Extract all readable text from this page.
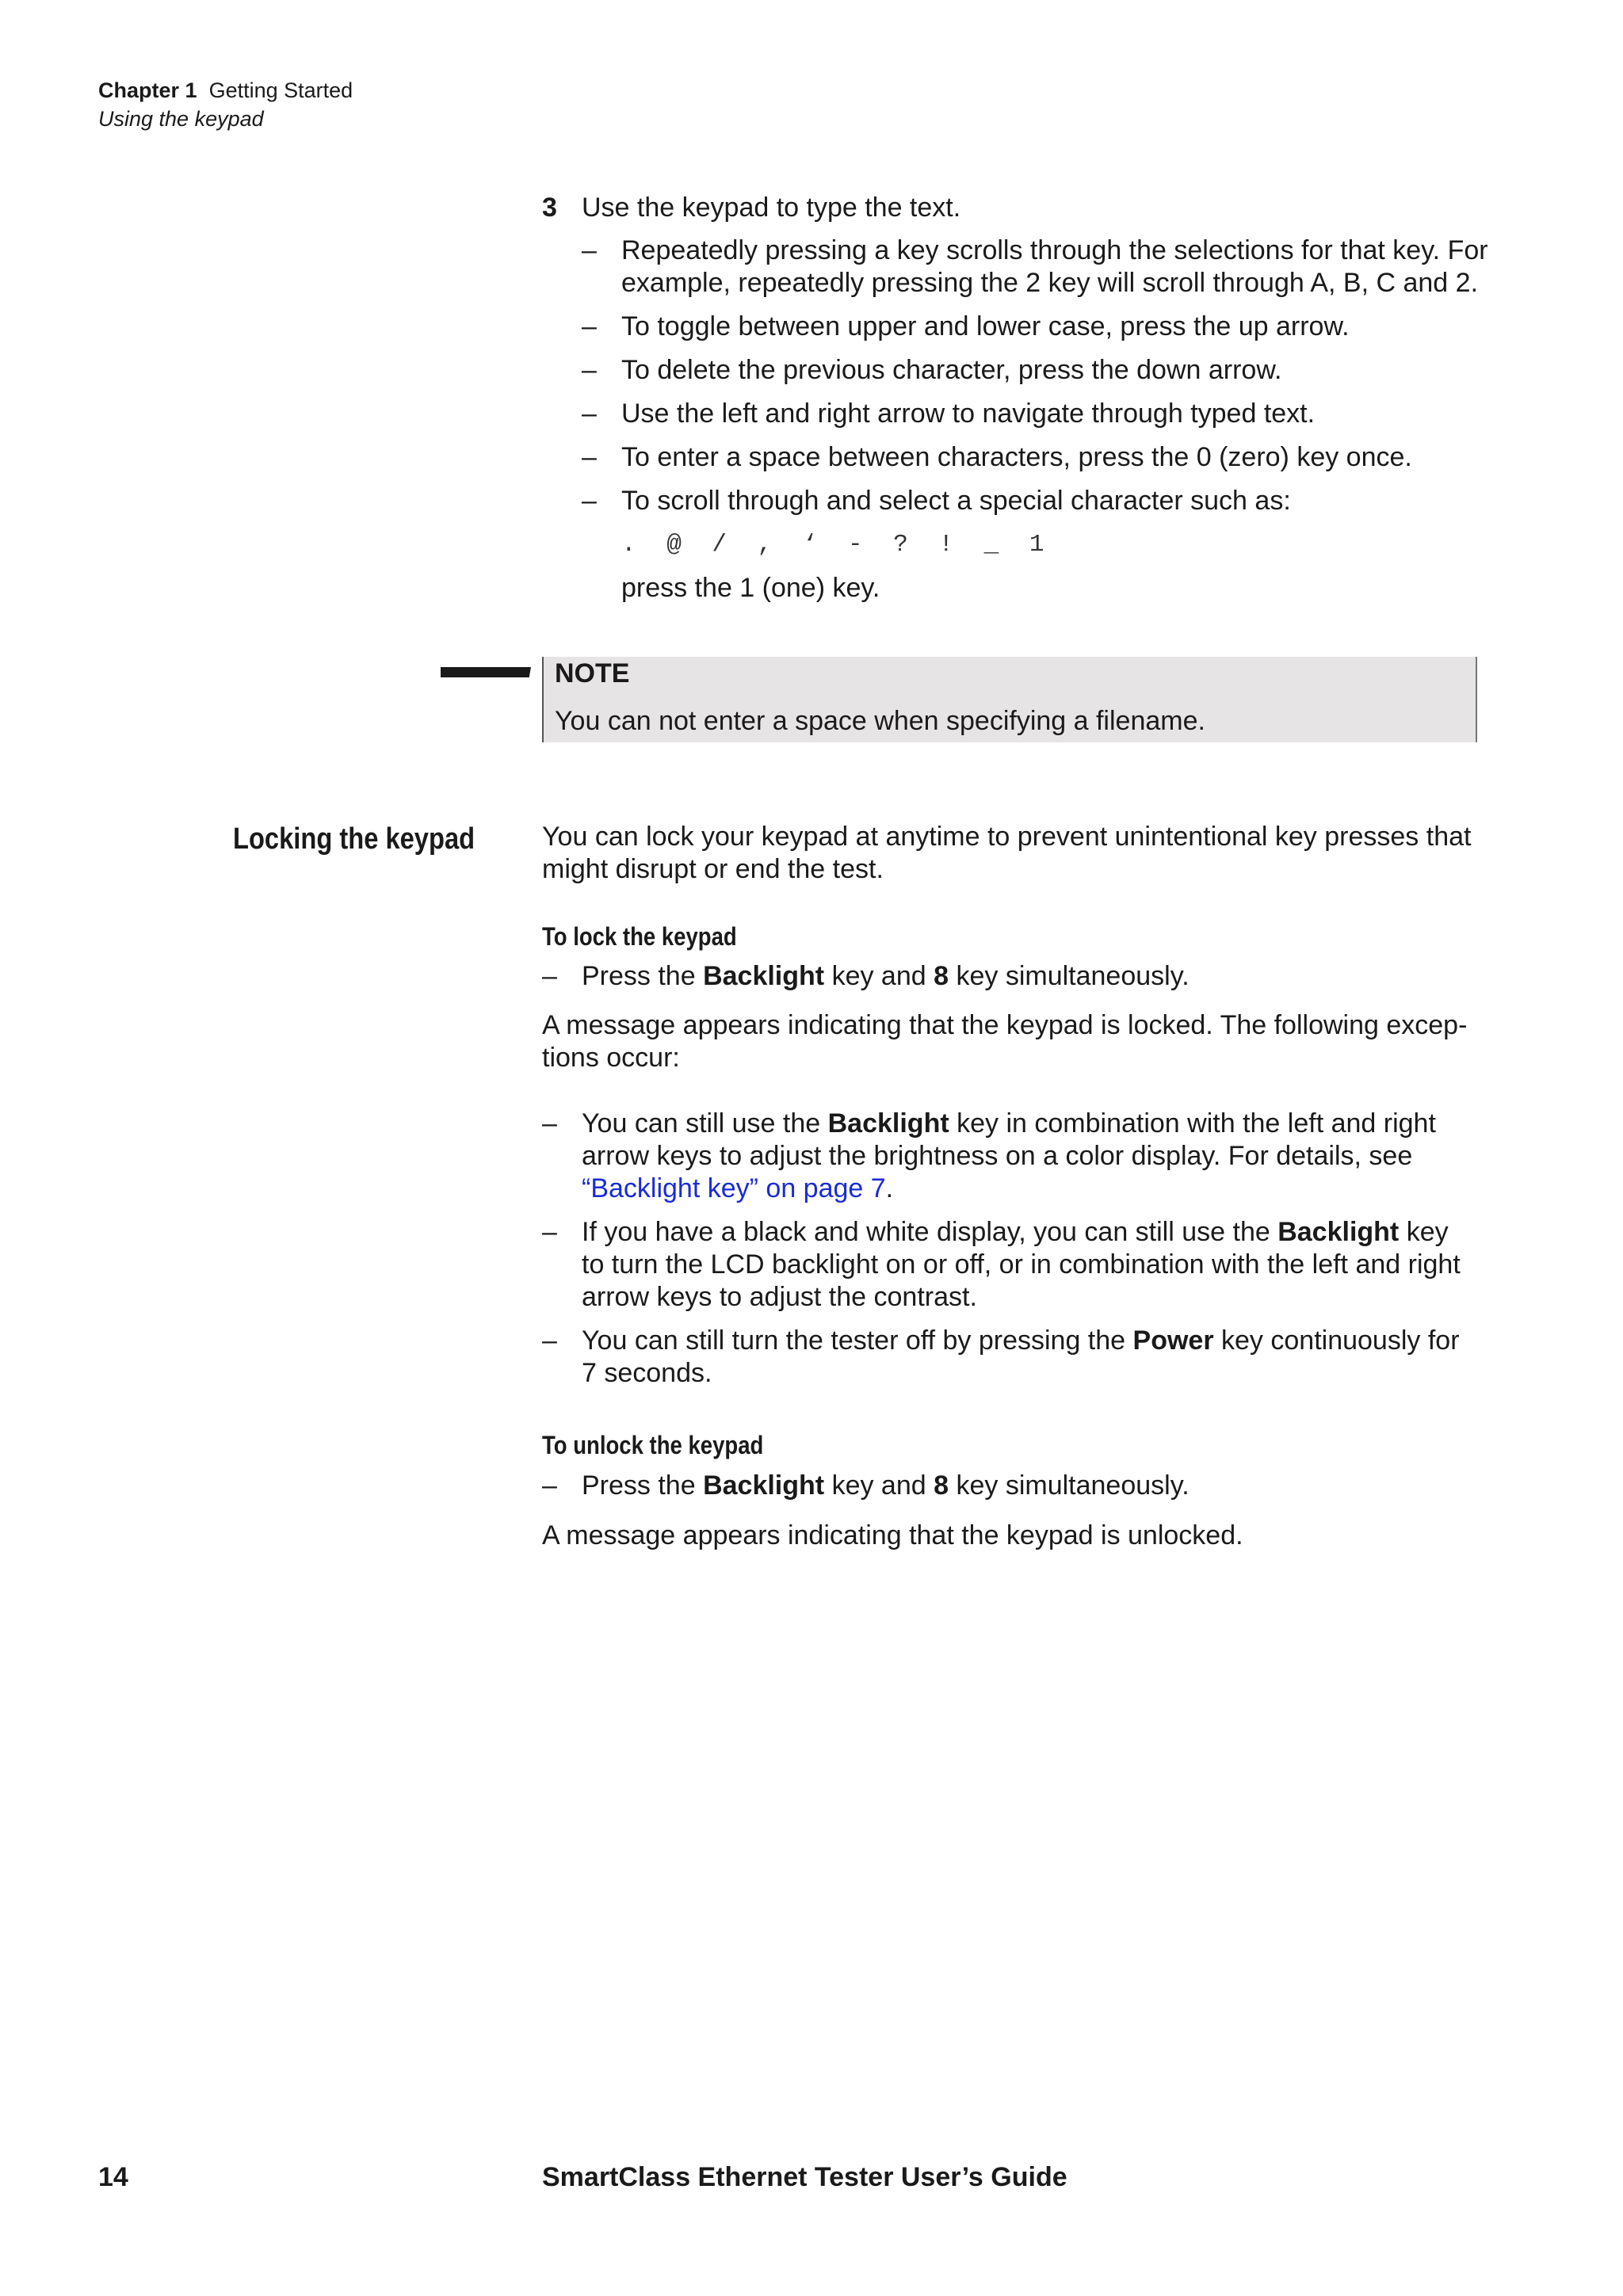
Chapter 1 Getting Started
Using the keypad
3 Use the keypad to type the text.
– Repeatedly pressing a key scrolls through the selections for that key. For example, repeatedly pressing the 2 key will scroll through A, B, C and 2.
– To toggle between upper and lower case, press the up arrow.
– To delete the previous character, press the down arrow.
– Use the left and right arrow to navigate through typed text.
– To enter a space between characters, press the 0 (zero) key once.
– To scroll through and select a special character such as:
. @ / , ‘ - ? ! _ 1
press the 1 (one) key.
NOTE
You can not enter a space when specifying a filename.
Locking the keypad You can lock your keypad at anytime to prevent unintentional key presses that might disrupt or end the test.
To lock the keypad
– Press the Backlight key and 8 key simultaneously.
A message appears indicating that the keypad is locked. The following excep-tions occur:
– You can still use the Backlight key in combination with the left and right arrow keys to adjust the brightness on a color display. For details, see “Backlight key” on page 7.
– If you have a black and white display, you can still use the Backlight key to turn the LCD backlight on or off, or in combination with the left and right arrow keys to adjust the contrast.
– You can still turn the tester off by pressing the Power key continuously for 7 seconds.
To unlock the keypad
– Press the Backlight key and 8 key simultaneously.
A message appears indicating that the keypad is unlocked.
14	SmartClass Ethernet Tester User’s Guide
